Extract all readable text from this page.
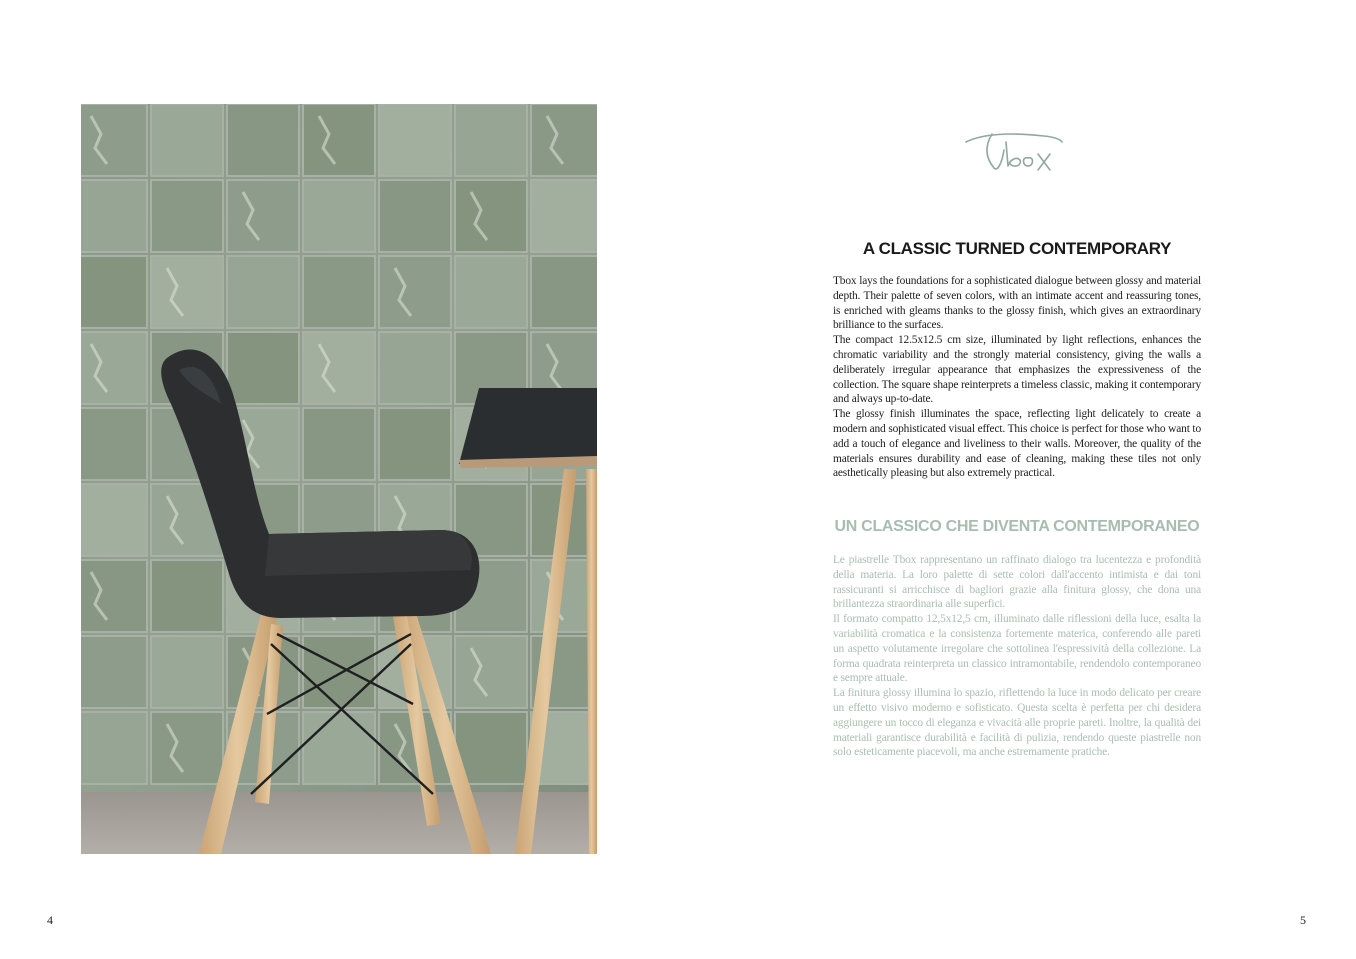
A CLASSIC TURNED CONTEMPORARY

Tbox lays the foundations for a sophisticated dialogue between glossy and material depth. Their palette of seven colors, with an intimate accent and reassuring tones, is enriched with gleams thanks to the glossy finish, which gives an extraordinary brilliance to the surfaces.

The compact 12.5x12.5 cm size, illuminated by light reflections, enhances the chromatic variability and the strongly material consistency, giving the walls a deliberately irregular appearance that emphasizes the expressiveness of the collection. The square shape reinterprets a timeless classic, making it contemporary and always up-to-date.

The glossy finish illuminates the space, reflecting light delicately to create a modern and sophisticated visual effect. This choice is perfect for those who want to add a touch of elegance and liveliness to their walls. Moreover, the quality of the materials ensures durability and ease of cleaning, making these tiles not only aesthetically pleasing but also extremely practical.

UN CLASSICO CHE DIVENTA CONTEMPORANEO

Le piastrelle Tbox rappresentano un raffinato dialogo tra lucentezza e profondità della materia. La loro palette di sette colori dall'accento intimista e dai toni rassicuranti si arricchisce di bagliori grazie alla finitura glossy, che dona una brillantezza straordinaria alle superfici.

Il formato compatto 12,5x12,5 cm, illuminato dalle riflessioni della luce, esalta la variabilità cromatica e la consistenza fortemente materica, conferendo alle pareti un aspetto volutamente irregolare che sottolinea l'espressività della collezione. La forma quadrata reinterpreta un classico intramontabile, rendendolo contemporaneo e sempre attuale.

La finitura glossy illumina lo spazio, riflettendo la luce in modo delicato per creare un effetto visivo moderno e sofisticato. Questa scelta è perfetta per chi desidera aggiungere un tocco di eleganza e vivacità alle proprie pareti. Inoltre, la qualità dei materiali garantisce durabilità e facilità di pulizia, rendendo queste piastrelle non solo esteticamente piacevoli, ma anche estremamente pratiche.

4	5
